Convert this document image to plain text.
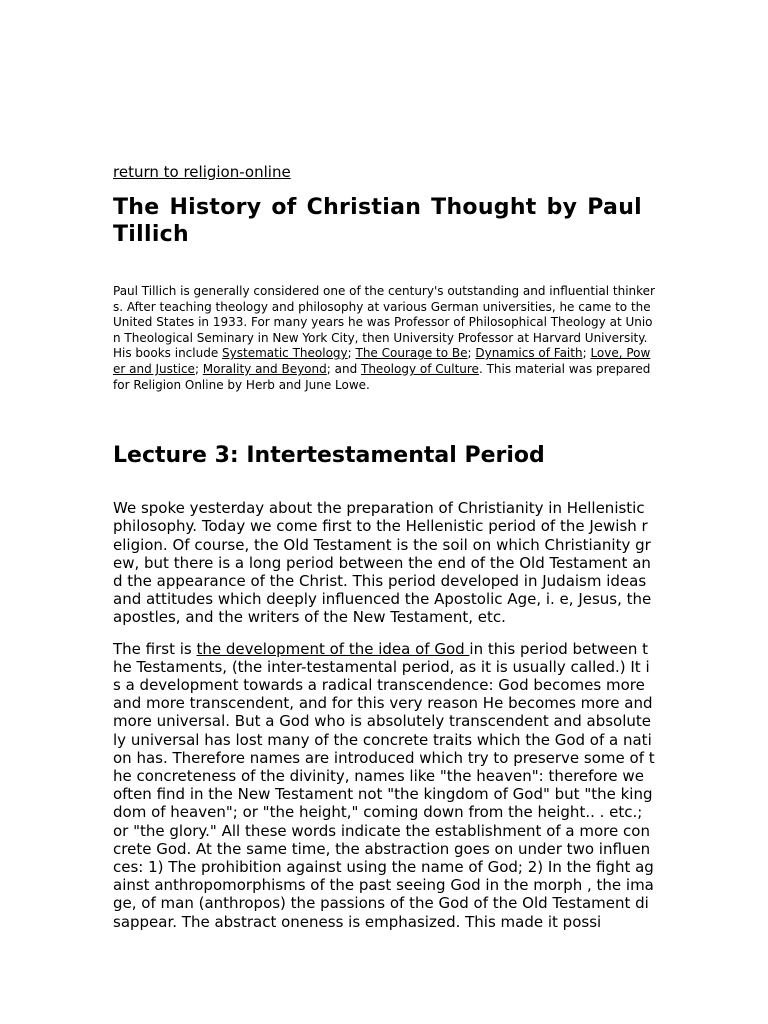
return to religion-online
The History of Christian Thought by Paul Tillich

Paul Tillich is generally considered one of the century's outstanding and influential thinkers. After teaching theology and philosophy at various German universities, he came to the United States in 1933. For many years he was Professor of Philosophical Theology at Union Theological Seminary in New York City, then University Professor at Harvard University. His books include Systematic Theology; The Courage to Be; Dynamics of Faith; Love, Power and Justice; Morality and Beyond; and Theology of Culture. This material was prepared for Religion Online by Herb and June Lowe.

Lecture 3: Intertestamental Period

We spoke yesterday about the preparation of Christianity in Hellenistic philosophy. Today we come first to the Hellenistic period of the Jewish religion. Of course, the Old Testament is the soil on which Christianity grew, but there is a long period between the end of the Old Testament and the appearance of the Christ. This period developed in Judaism ideas and attitudes which deeply influenced the Apostolic Age, i. e, Jesus, the apostles, and the writers of the New Testament, etc.

The first is the development of the idea of God in this period between the Testaments, (the inter-testamental period, as it is usually called.) It is a development towards a radical transcendence: God becomes more and more transcendent, and for this very reason He becomes more and more universal. But a God who is absolutely transcendent and absolutely universal has lost many of the concrete traits which the God of a nation has. Therefore names are introduced which try to preserve some of the concreteness of the divinity, names like "the heaven": therefore we often find in the New Testament not "the kingdom of God" but "the kingdom of heaven"; or "the height," coming down from the height.. . etc.; or "the glory." All these words indicate the establishment of a more concrete God. At the same time, the abstraction goes on under two influences: 1) The prohibition against using the name of God; 2) In the fight against anthropomorphisms of the past seeing God in the morph , the image, of man (anthropos) the passions of the God of the Old Testament disappear. The abstract oneness is emphasized. This made it possi
